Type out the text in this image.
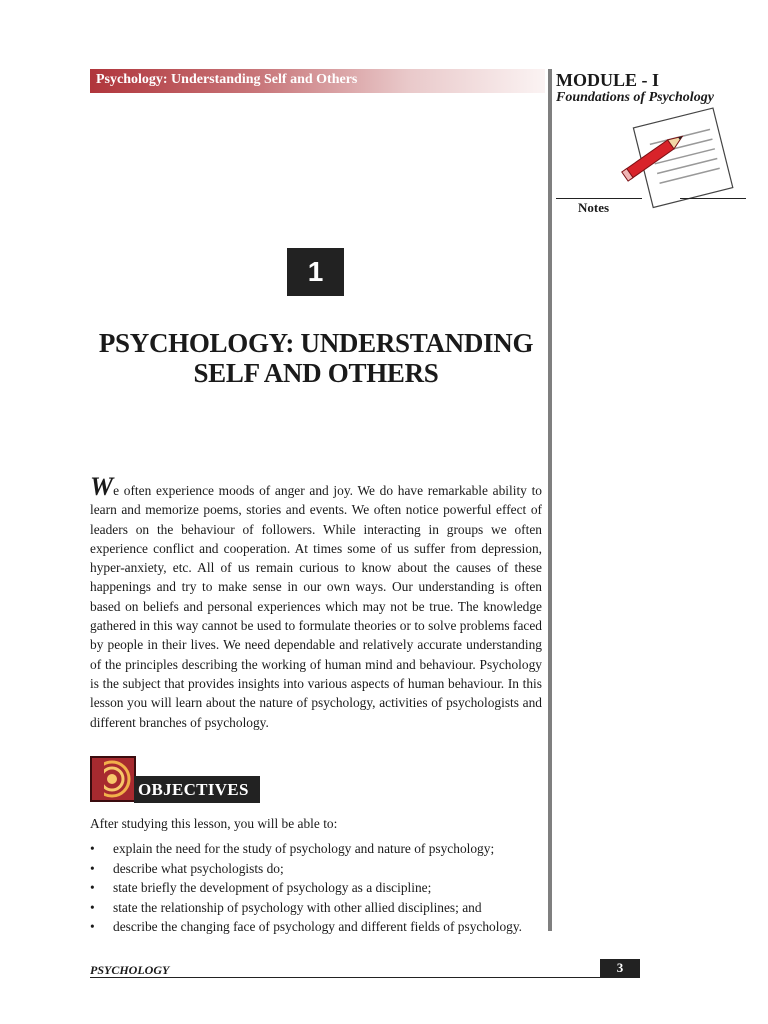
Psychology: Understanding Self and Others	MODULE - I
Foundations of Psychology
Notes
1
PSYCHOLOGY: UNDERSTANDING
SELF AND OTHERS

We often experience moods of anger and joy. We do have remarkable ability to learn and memorize poems, stories and events. We often notice powerful effect of leaders on the behaviour of followers. While interacting in groups we often experience conflict and cooperation. At times some of us suffer from depression, hyper-anxiety, etc. All of us remain curious to know about the causes of these happenings and try to make sense in our own ways. Our understanding is often based on beliefs and personal experiences which may not be true. The knowledge gathered in this way cannot be used to formulate theories or to solve problems faced by people in their lives. We need dependable and relatively accurate understanding of the principles describing the working of human mind and behaviour. Psychology is the subject that provides insights into various aspects of human behaviour. In this lesson you will learn about the nature of psychology, activities of psychologists and different branches of psychology.

OBJECTIVES

After studying this lesson, you will be able to:

• explain the need for the study of psychology and nature of psychology;
• describe what psychologists do;
• state briefly the development of psychology as a discipline;
• state the relationship of psychology with other allied disciplines; and
• describe the changing face of psychology and different fields of psychology.
PSYCHOLOGY	3
